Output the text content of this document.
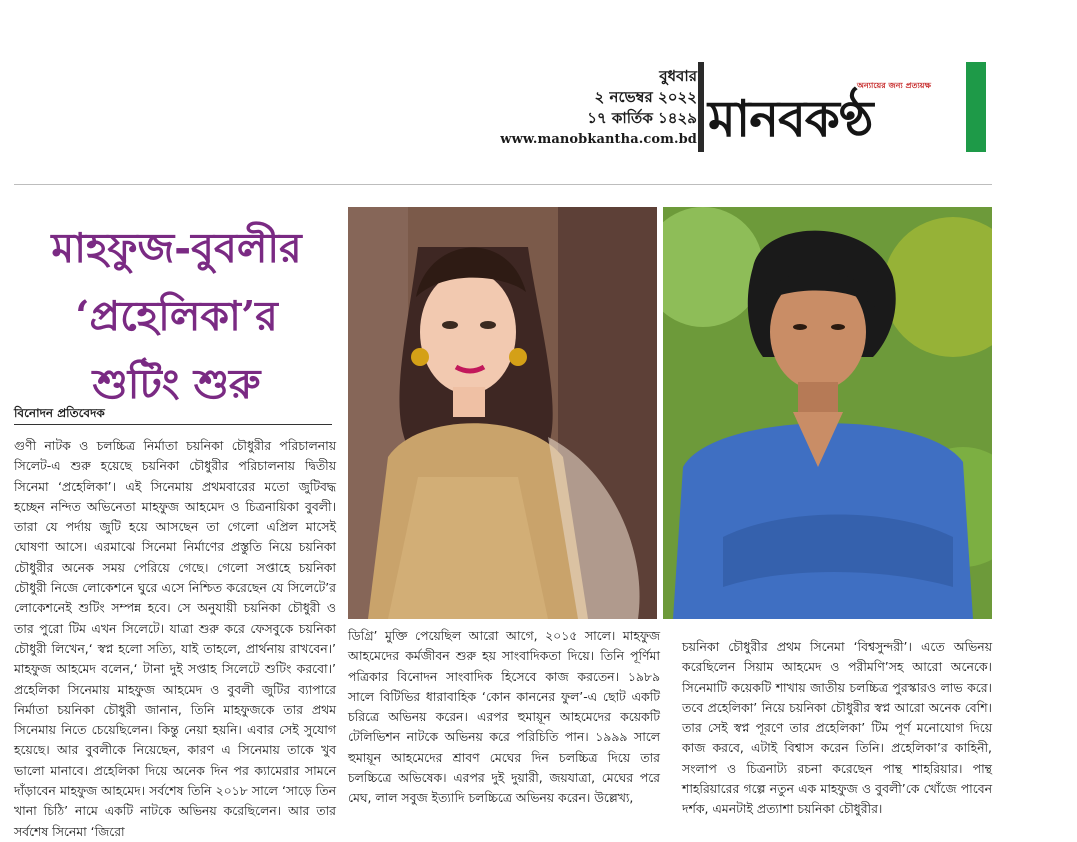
বুধবার
২ নভেম্বর ২০২২
১৭ কার্তিক ১৪২৯
www.manobkantha.com.bd
অন্যায়ের জন্য প্রত্যয়ক্ষ
মানবকণ্ঠ
মাহফুজ-বুবলীর
‘প্রহেলিকা’র
শুটিং শুরু
বিনোদন প্রতিবেদক

গুণী নাটক ও চলচ্চিত্র নির্মাতা চয়নিকা চৌধুরীর পরিচালনায় সিলেট-এ শুরু হয়েছে চয়নিকা চৌধুরীর পরিচালনায় দ্বিতীয় সিনেমা ‘প্রহেলিকা’। এই সিনেমায় প্রথমবারের মতো জুটিবদ্ধ হচ্ছেন নন্দিত অভিনেতা মাহফুজ আহমেদ ও চিত্রনায়িকা বুবলী। তারা যে পর্দায় জুটি হয়ে আসছেন তা গেলো এপ্রিল মাসেই ঘোষণা আসে। এরমাঝে সিনেমা নির্মাণের প্রস্তুতি নিয়ে চয়নিকা চৌধুরীর অনেক সময় পেরিয়ে গেছে। গেলো সপ্তাহে চয়নিকা চৌধুরী নিজে লোকেশনে ঘুরে এসে নিশ্চিত করেছেন যে সিলেটে’র লোকেশনেই শুটিং সম্পন্ন হবে। সে অনুযায়ী চয়নিকা চৌধুরী ও তার পুরো টিম এখন সিলেটে। যাত্রা শুরু করে ফেসবুকে চয়নিকা চৌধুরী লিখেন,‘ স্বপ্ন হলো সত্যি, যাই তাহলে, প্রার্থনায় রাখবেন।’ মাহফুজ আহমেদ বলেন,‘ টানা দুই সপ্তাহ সিলেটে শুটিং করবো।’ প্রহেলিকা সিনেমায় মাহফুজ আহমেদ ও বুবলী জুটির ব্যাপারে নির্মাতা চয়নিকা চৌধুরী জানান, তিনি মাহফুজকে তার প্রথম সিনেমায় নিতে চেয়েছিলেন। কিন্তু নেয়া হয়নি। এবার সেই সুযোগ হয়েছে। আর বুবলীকে নিয়েছেন, কারণ এ সিনেমায় তাকে খুব ভালো মানাবে। প্রহেলিকা দিয়ে অনেক দিন পর ক্যামেরার সামনে দাঁড়াবেন মাহফুজ আহমেদ। সর্বশেষ তিনি ২০১৮ সালে ‘সাড়ে তিন খানা চিঠি’ নামে একটি নাটকে অভিনয় করেছিলেন। আর তার সর্বশেষ সিনেমা ‘জিরো

ডিগ্রি’ মুক্তি পেয়েছিল আরো আগে, ২০১৫ সালে। মাহফুজ আহমেদের কর্মজীবন শুরু হয় সাংবাদিকতা দিয়ে। তিনি পূর্ণিমা পত্রিকার বিনোদন সাংবাদিক হিসেবে কাজ করতেন। ১৯৮৯ সালে বিটিভির ধারাবাহিক ‘কোন কাননের ফুল’-এ ছোট একটি চরিত্রে অভিনয় করেন। এরপর হুমায়ূন আহমেদের কয়েকটি টেলিভিশন নাটকে অভিনয় করে পরিচিতি পান। ১৯৯৯ সালে হুমায়ূন আহমেদের শ্রাবণ মেঘের দিন চলচ্চিত্র দিয়ে তার চলচ্চিত্রে অভিষেক। এরপর দুই দুয়ারী, জয়যাত্রা, মেঘের পরে মেঘ, লাল সবুজ ইত্যাদি চলচ্চিত্রে অভিনয় করেন। উল্লেখ্য,

চয়নিকা চৌধুরীর প্রথম সিনেমা ‘বিশ্বসুন্দরী’। এতে অভিনয় করেছিলেন সিয়াম আহমেদ ও পরীমণি’সহ আরো অনেকে। সিনেমাটি কয়েকটি শাখায় জাতীয় চলচ্চিত্র পুরস্কারও লাভ করে। তবে প্রহেলিকা’ নিয়ে চয়নিকা চৌধুরীর স্বপ্ন আরো অনেক বেশি। তার সেই স্বপ্ন পূরণে তার প্রহেলিকা’ টিম পূর্ণ মনোযোগ দিয়ে কাজ করবে, এটাই বিশ্বাস করেন তিনি। প্রহেলিকা’র কাহিনী, সংলাপ ও চিত্রনাট্য রচনা করেছেন পান্থ শাহরিয়ার। পান্থ শাহরিয়ারের গল্পে নতুন এক মাহফুজ ও বুবলী’কে খোঁজে পাবেন দর্শক, এমনটাই প্রত্যাশা চয়নিকা চৌধুরীর।
